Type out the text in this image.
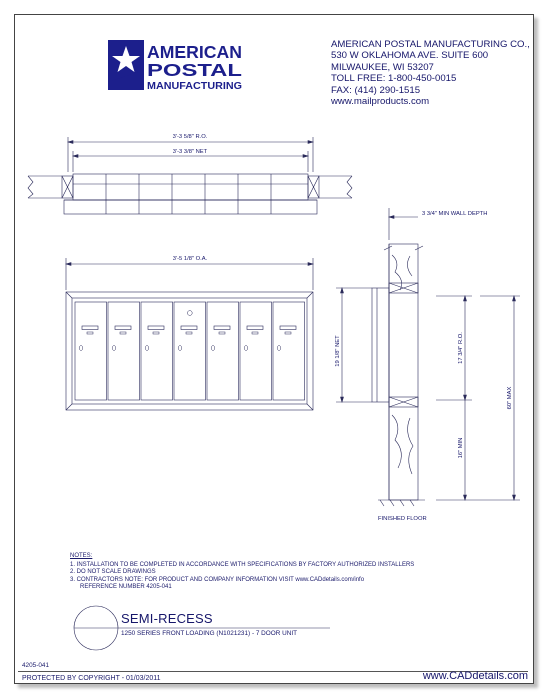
AMERICAN
POSTAL
MANUFACTURING
3'-3 5/8" R.O.
3'-3 3/8" NET
3'-5 1/8" O.A.
3 3/4" MIN WALL DEPTH
19 1/8" NET	17 3/4" R.O.
16" MIN
60" MAX
FINISHED FLOOR
AMERICAN POSTAL MANUFACTURING CO.,
530 W OKLAHOMA AVE. SUITE 600
MILWAUKEE, WI 53207
TOLL FREE: 1-800-450-0015
FAX: (414) 290-1515
www.mailproducts.com
NOTES:
1. INSTALLATION TO BE COMPLETED IN ACCORDANCE WITH SPECIFICATIONS BY FACTORY AUTHORIZED INSTALLERS
2. DO NOT SCALE DRAWINGS
3. CONTRACTORS NOTE: FOR PRODUCT AND COMPANY INFORMATION VISIT www.CADdetails.com/info
REFERENCE NUMBER 4205-041
SEMI-RECESS
1250 SERIES FRONT LOADING (N1021231) - 7 DOOR UNIT
4205-041
PROTECTED BY COPYRIGHT - 01/03/2011	www.CADdetails.com
